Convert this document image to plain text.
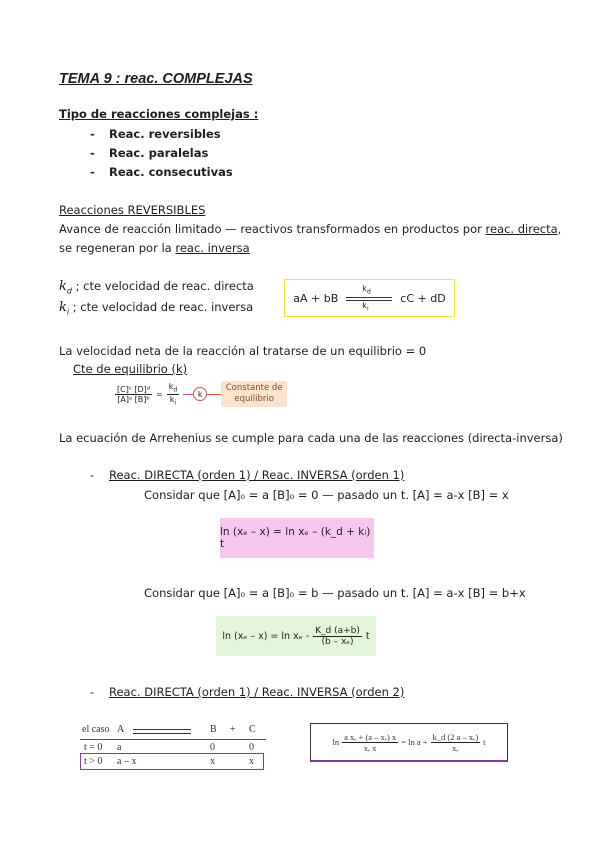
TEMA 9 : reac. COMPLEJAS
Tipo de reacciones complejas :
- Reac. reversibles
- Reac. paralelas
- Reac. consecutivas
Reacciones REVERSIBLES
Avance de reacción limitado — reactivos transformados en productos por reac. directa,
se regeneran por la reac. inversa
$k_d$ ; cte velocidad de reac. directa
$k_i$ ; cte velocidad de reac. inversa
aA + bB
$k_d$
$k_i$
cC + dD
La velocidad neta de la reacción al tratarse de un equilibrio = 0
Cte de equilibrio (k)
$\frac{\text{[C]ᶜ [D]ᵈ}}{\text{[A]ᵃ [B]ᵇ}} = \frac{k_d}{k_i}$	k
Constante de equilibrio
La ecuación de Arrehenius se cumple para cada una de las reacciones (directa-inversa)
- Reac. DIRECTA (orden 1) / Reac. INVERSA (orden 1)
Considar que [A]₀ = a [B]₀ = 0 — pasado un t. [A] = a-x [B] = x
ln (xₑ – x) = ln xₑ – (k_d + kᵢ) t
Considar que [A]₀ = a [B]₀ = b — pasado un t. [A] = a-x [B] = b+x
$\ln (x_e - x) = \ln x_e - \frac{K\_d (a+b)}{\text{(b – xₑ)}}$ t
- Reac. DIRECTA (orden 1) / Reac. INVERSA (orden 2)
el caso A	B + C
t = 0 a	0	0
t > 0 a – x	x	x
$\ln \frac{\text{a xₑ + (a – xₑ) x}}{\text{xₑ x}} = \ln a + \frac{\text{k\_d (2 a – xₑ)}}{\text{xₑ}}$ t
